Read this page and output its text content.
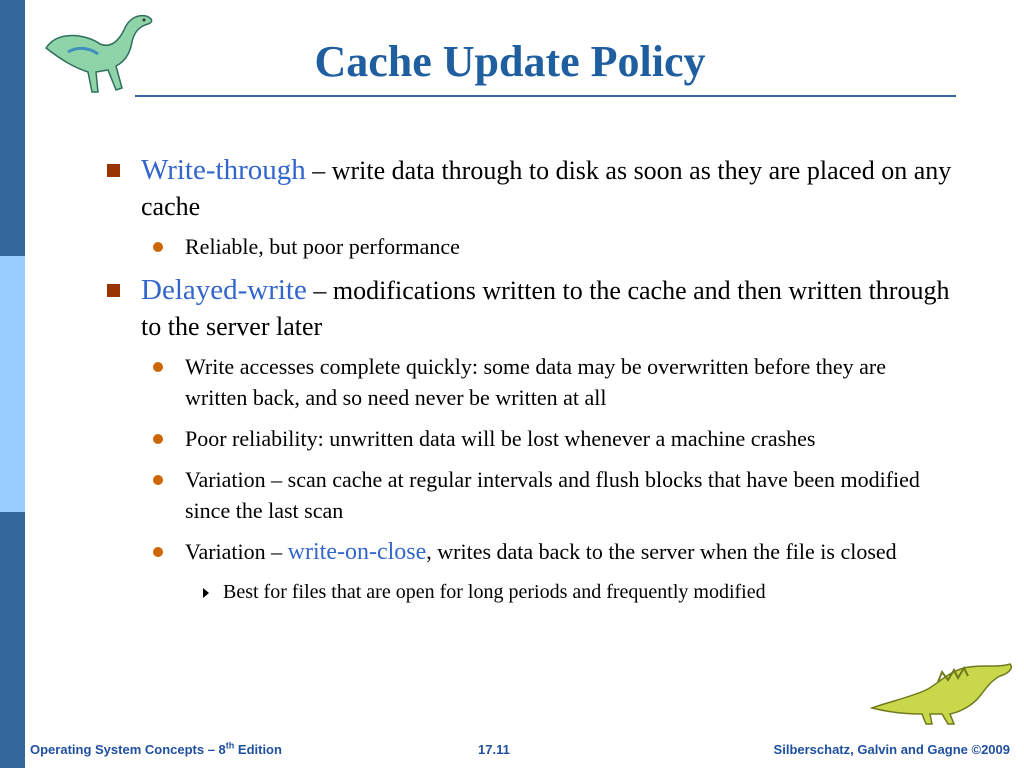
Cache Update Policy
Write-through – write data through to disk as soon as they are placed on any cache
Reliable, but poor performance
Delayed-write – modifications written to the cache and then written through to the server later
Write accesses complete quickly: some data may be overwritten before they are written back, and so need never be written at all
Poor reliability: unwritten data will be lost whenever a machine crashes
Variation – scan cache at regular intervals and flush blocks that have been modified since the last scan
Variation – write-on-close, writes data back to the server when the file is closed
Best for files that are open for long periods and frequently modified
Operating System Concepts – 8th Edition	17.11	Silberschatz, Galvin and Gagne ©2009
